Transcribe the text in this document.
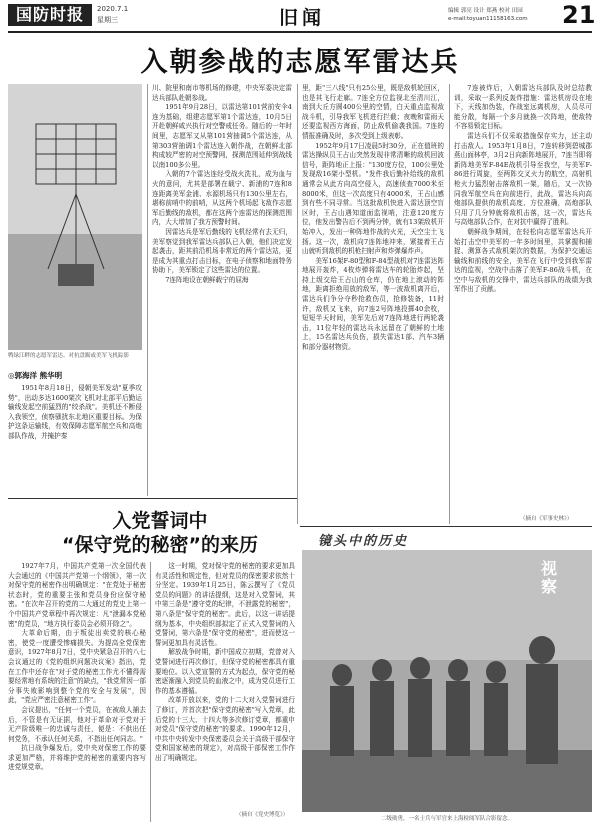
国防时报	2020.7.1
星期三	旧闻	编辑 郭亮 设计 郑燕 校对 田园
e-mail:toyuan11158163.com 21
入朝参战的志愿军雷达兵
鸭绿江畔的志愿军雷达、对抗盘踞或美军飞机踪影
◎郭海洋 熊华明

1951年8月18日，侵朝美军发动"夏季攻势"，出动多达1600架次飞机对北部平后勤运输线发起空前猛烈的"绞杀战"。美机还不断侵入我领空，侦察骚扰东北地区重要目标。为保护这条运输线，有效保障志愿军航空兵和高炮部队作战，并掩护秦

川、院里和南市等机场的修建，中央军委决定雷达兵部队赴朝参战。

1951年9月28日，以雷达第101营前安伞4连为基础，组建志愿军第1个雷达连，10月5日开赴朝鲜咸兴执行对空警戒任务。随后的一年时间里，志愿军又从第101营抽调5个雷达连，从第303营抽调1个雷达连入朝作战，在朝鲜北部构成较严密的对空预警网，探测范围延伸到战线以南100多公里。

入朝的7个雷达连经受战火洗礼，成为血与火的意问，尤其是部署在载宁、新浦的7连和8连距离美军金浦、水源机场只有130公里左右，堪称前哨中的前哨，从这两个机场起飞敌作志愿军后勤线的敌机，都在这两个连雷达的探测范围内，大大增加了我方预警时间。

因雷达兵是军后勤线的飞机经常有去无归，美军察觉到我军雷达兵部队已入朝，他们决定发起袭击，距其前沿机场非常近的两个雷达站，更是成为其重点打击目标，在电子侦察和地面特务协助下，美军锁定了这些雷达的位置。

7连阵地设在朝鲜载宁的屈海

里，距"三八线"只有25公里，既是敌机轮回区，也是其飞行走廊。7连全方位监视北至清川江，南到大丘方圆400公里的空情，白天重点监视敌战斗机，引导我军飞机进行拦截；夜晚和雷雨天还要监视西方海面，防止敌机偷袭我国。7连的情报准确及时，多次受到上级表彰。

1952年9月17日凌晨5时30分，正在值班的雷达操纵员王占山突然发现非常清晰的敌机回波信号，距阵地正上报："130度方位，100公里处发现敌16架小型机。"发件我后勤补给线的敌机通常会从此方向高空侵入，高速侦查7000米至8000米，但这一次高度只有4000米，王占山感到有些不同寻常。当这批敌机快进入雷达顶空盲区时，王占山遇知道面监视哨，注意120度方位，他发出警告后不到两分钟，就有13架敌机开始冲入，发出一种阵地作战的火光，天空尘土飞扬。这一次，敌机向7连阵地冲来，紧接着王占山就听到敌机的机枪扫射声和炸弹爆炸声。

美军16架F-80型和F-84型战机对7连雷达阵地展开轰炸，4枚炸弹将雷达车的轮胎炸起，坚持上级交给王占山的仓库，仍在地上滚动的阵地，距离拒绝用放的敌军，等一波敌机离开后，雷达兵们争分夺秒抢救伤员，抢修装备，11时许，敌机又飞来，向7连2号阵地投掷40余枚，短短半天时间，美军先后对7连阵地进行两轮袭击，11位年轻的雷达兵永远留在了朝鲜的土地上，15名雷达兵负伤，损失雷达1部、汽车3辆和部分器材物资。

7连被炸后，入朝雷达兵部队及时总结教训，采取一系列反轰炸措施：雷达机房设在地下，天线加伪装，作战室远离机房，人员尽可能分散，每隔一个多月就换一次阵地，使敌特不容易锁定目标。

雷达兵们不仅采取措施保存实力，还主动打击敌人。1953年1月8日，7连转移到碧城郡燕山面林亭，3月2日向新阵地展开，7连当即将新阵地美军F-84E战机引导至我空，与美军F-86进行周旋，至两阵交叉火力的航空，高射机枪火力猛烈射击落敌机一架，随后，又一次协同我军航空兵在向前进行，此战，雷达兵向高炮部队提供的敌机高度、方位准确，高炮部队只用了几分钟就将敌机击落，这一次，雷达兵与高炮部队合作，在对抗中赢得了胜利。

朝鲜战争期间，在轻松向志愿军雷达兵开始打击空中美军的一年多时间里，共掌握和捕捉、测算各式敌机架次的数据，为保护交通运输线和前线的安全，美军在飞行中受到我军雷达的监视，空战中击落了美军F-86战斗机，在空中与敌机的交锋中，雷达兵部队的战绩为我军作出了贡献。

（摘自《军事史林》）
入党誓词中
“保守党的秘密”的来历

1927年7月，中国共产党第一次全国代表大会通过的《中国共产党第一个纲领》，第一次对保守党的秘密作出明确规定："在党处于秘密状态时，党的重要主张和党员身份应保守秘密。"在次年召开的党的二大通过的党史上第一个中国共产党章程中再次规定：凡"泄漏本党秘密"的党员，"地方执行委员会必须开除之"。

大革命后期，由于叛徒出卖党的核心秘密，使党一度遭受惨痛损失。为提高全党保密意识，1927年8月7日，党中央紧急召开的八七会议通过的《党的组织问题决议案》指出，党在工作中还存在"对于党的秘密工作尤不懂得需要经常地有系统的注意"的缺点，"我党常因一部分事失败影响到整个党的安全与发展"，因此，"党应严密注意秘密工作"。

会议提出，"任何一个党员，在被敌人捕去后，不管是有无证据，他对于革命对于党对于无产阶级唯一的忠诚与责任，便是：不供出任何党务，不承认任何关系，不指出任何同志。"

抗日战争爆发后，党中央对保密工作的要求更加严格，并将维护党的秘密的重要内容写进党规党章。

这一时期，党对保守党的秘密的要求更加具有灵活性和规定性，但对党员的保密要求依然十分坚定。1939年1月25日，陈云撰写了《党员党员的问题》的讲话提纲，这是对入党誓词，其中第三条是"遵守党的纪律，不泄露党的秘密"，第八条是"保守党的秘密"。此后，以这一讲话提纲为基本，中央组织部拟定了正式入党誓词的入党誓词，第六条是"保守党的秘密"，进而使这一誓词更加具有灵活性。

解放战争时期，新中国成立初期，党曾对入党誓词进行再次修订，但保守党的秘密都具有重要地位。以入党宣誓的方式为起点，保守党的秘密逐渐融入到党员的血液之中，成为党员进行工作的基本遵循。

改革开放以来，党的十二大对入党誓词进行了修订，并首次把"保守党的秘密"写入党章，此后党的十三大、十四大等多次修订党章，都重申对党员"保守党的秘密"的要求。1990年12月，中共中央转发中央保密委员会关于高级干部保守党和国家秘密的规定》，对高级干部保密工作作出了明确规定。

（摘自《党史博览》）
镜头中的历史
视察
二级勋勇，一名士兵与军官来上海检阅军队合影留念。
